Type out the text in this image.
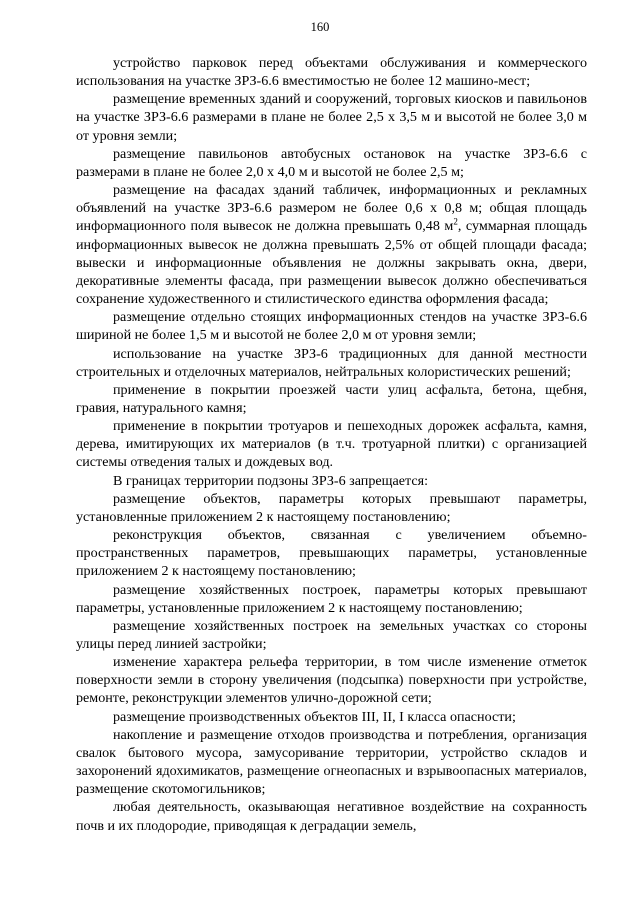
160

устройство парковок перед объектами обслуживания и коммерческого использования на участке ЗРЗ-6.6 вместимостью не более 12 машино-мест;

размещение временных зданий и сооружений, торговых киосков и павильонов на участке ЗРЗ-6.6 размерами в плане не более 2,5 х 3,5 м и высотой не более 3,0 м от уровня земли;

размещение павильонов автобусных остановок на участке ЗРЗ-6.6 с размерами в плане не более 2,0 х 4,0 м и высотой не более 2,5 м;

размещение на фасадах зданий табличек, информационных и рекламных объявлений на участке ЗРЗ-6.6 размером не более 0,6 х 0,8 м; общая площадь информационного поля вывесок не должна превышать 0,48 $м^2$, суммарная площадь информационных вывесок не должна превышать 2,5% от общей площади фасада; вывески и информационные объявления не должны закрывать окна, двери, декоративные элементы фасада, при размещении вывесок должно обеспечиваться сохранение художественного и стилистического единства оформления фасада;

размещение отдельно стоящих информационных стендов на участке ЗРЗ-6.6 шириной не более 1,5 м и высотой не более 2,0 м от уровня земли;

использование на участке ЗРЗ-6 традиционных для данной местности строительных и отделочных материалов, нейтральных колористических решений;

применение в покрытии проезжей части улиц асфальта, бетона, щебня, гравия, натурального камня;

применение в покрытии тротуаров и пешеходных дорожек асфальта, камня, дерева, имитирующих их материалов (в т.ч. тротуарной плитки) с организацией системы отведения талых и дождевых вод.

В границах территории подзоны ЗРЗ-6 запрещается:

размещение объектов, параметры которых превышают параметры, установленные приложением 2 к настоящему постановлению;

реконструкция объектов, связанная с увеличением объемно-пространственных параметров, превышающих параметры, установленные приложением 2 к настоящему постановлению;

размещение хозяйственных построек, параметры которых превышают параметры, установленные приложением 2 к настоящему постановлению;

размещение хозяйственных построек на земельных участках со стороны улицы перед линией застройки;

изменение характера рельефа территории, в том числе изменение отметок поверхности земли в сторону увеличения (подсыпка) поверхности при устройстве, ремонте, реконструкции элементов улично-дорожной сети;

размещение производственных объектов III, II, I класса опасности;

накопление и размещение отходов производства и потребления, организация свалок бытового мусора, замусоривание территории, устройство складов и захоронений ядохимикатов, размещение огнеопасных и взрывоопасных материалов, размещение скотомогильников;

любая деятельность, оказывающая негативное воздействие на сохранность почв и их плодородие, приводящая к деградации земель,
